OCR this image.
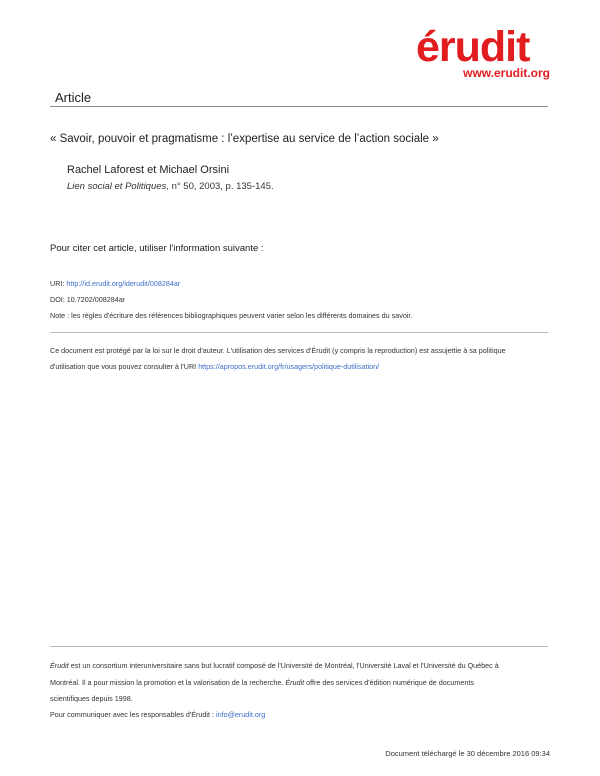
érudit
www.erudit.org
Article
« Savoir, pouvoir et pragmatisme : l’expertise au service de l’action sociale »
Rachel Laforest et Michael Orsini
Lien social et Politiques, n° 50, 2003, p. 135-145.
Pour citer cet article, utiliser l'information suivante :
URI: http://id.erudit.org/iderudit/008284ar
DOI: 10.7202/008284ar
Note : les règles d'écriture des références bibliographiques peuvent varier selon les différents domaines du savoir.
Ce document est protégé par la loi sur le droit d'auteur. L'utilisation des services d'Érudit (y compris la reproduction) est assujettie à sa politique
d'utilisation que vous pouvez consulter à l'URI https://apropos.erudit.org/fr/usagers/politique-dutilisation/
Érudit est un consortium interuniversitaire sans but lucratif composé de l'Université de Montréal, l'Université Laval et l'Université du Québec à
Montréal. Il a pour mission la promotion et la valorisation de la recherche. Érudit offre des services d'édition numérique de documents
scientifiques depuis 1998.
Pour communiquer avec les responsables d'Érudit : info@erudit.org
Document téléchargé le 30 décembre 2016 09:34
